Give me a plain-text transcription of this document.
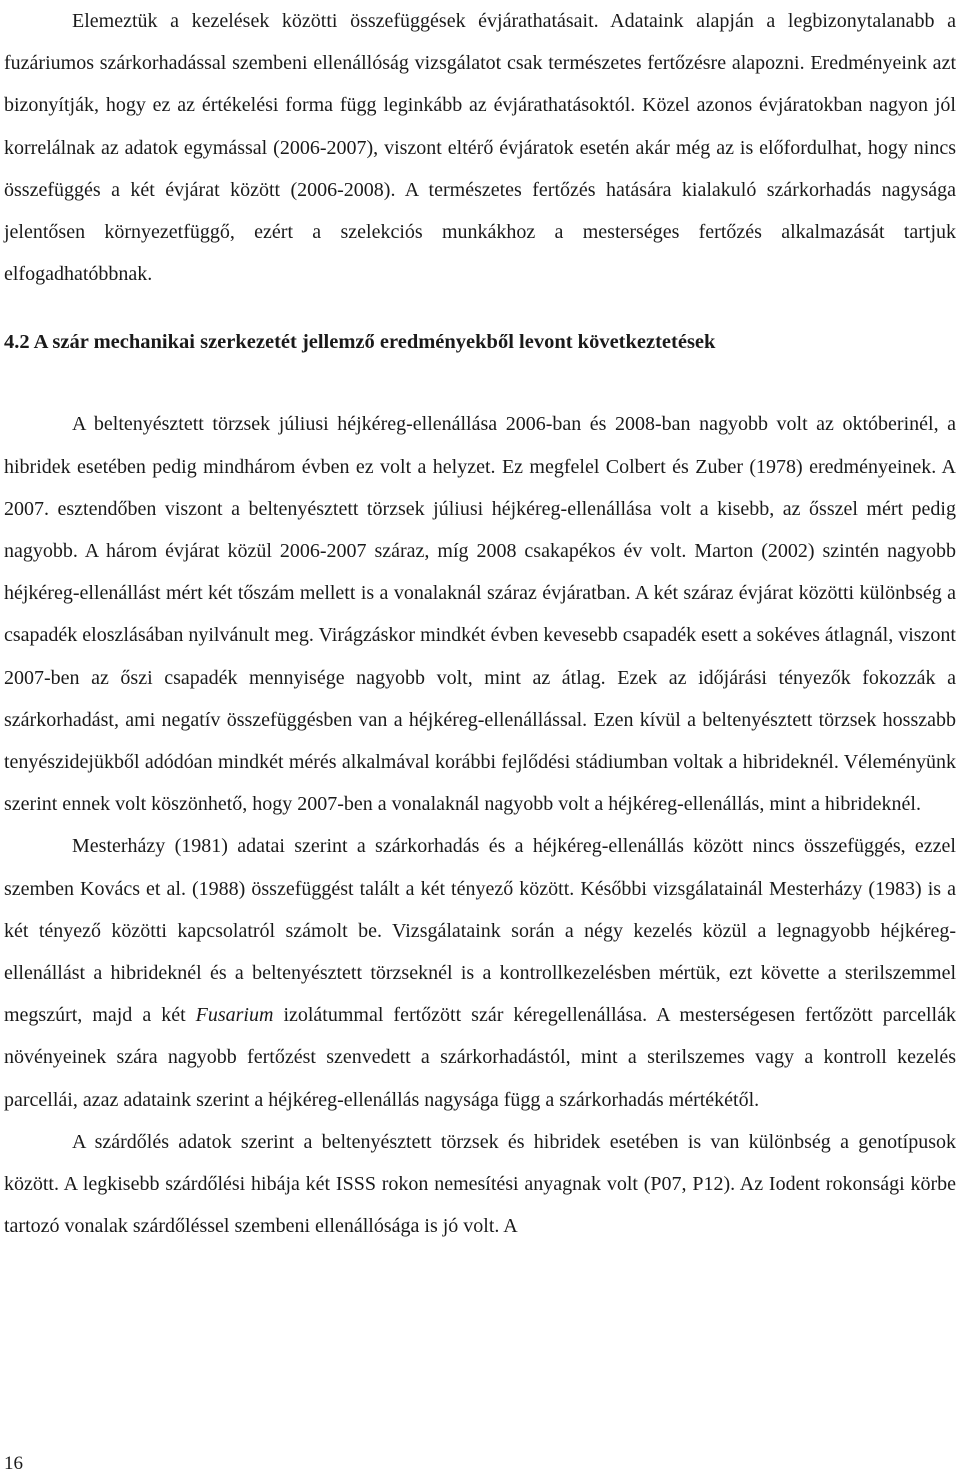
Elemeztük a kezelések közötti összefüggések évjárathatásait. Adataink alapján a legbizonytalanabb a fuzáriumos szárkorhadással szembeni ellenállóság vizsgálatot csak természetes fertőzésre alapozni. Eredményeink azt bizonyítják, hogy ez az értékelési forma függ leginkább az évjárathatásoktól. Közel azonos évjáratokban nagyon jól korrelálnak az adatok egymással (2006-2007), viszont eltérő évjáratok esetén akár még az is előfordulhat, hogy nincs összefüggés a két évjárat között (2006-2008). A természetes fertőzés hatására kialakuló szárkorhadás nagysága jelentősen környezetfüggő, ezért a szelekciós munkákhoz a mesterséges fertőzés alkalmazását tartjuk elfogadhatóbbnak.

4.2 A szár mechanikai szerkezetét jellemző eredményekből levont következtetések

A beltenyésztett törzsek júliusi héjkéreg-ellenállása 2006-ban és 2008-ban nagyobb volt az októberinél, a hibridek esetében pedig mindhárom évben ez volt a helyzet. Ez megfelel Colbert és Zuber (1978) eredményeinek. A 2007. esztendőben viszont a beltenyésztett törzsek júliusi héjkéreg-ellenállása volt a kisebb, az ősszel mért pedig nagyobb. A három évjárat közül 2006-2007 száraz, míg 2008 csakapékos év volt. Marton (2002) szintén nagyobb héjkéreg-ellenállást mért két tőszám mellett is a vonalaknál száraz évjáratban. A két száraz évjárat közötti különbség a csapadék eloszlásában nyilvánult meg. Virágzáskor mindkét évben kevesebb csapadék esett a sokéves átlagnál, viszont 2007-ben az őszi csapadék mennyisége nagyobb volt, mint az átlag. Ezek az időjárási tényezők fokozzák a szárkorhadást, ami negatív összefüggésben van a héjkéreg-ellenállással. Ezen kívül a beltenyésztett törzsek hosszabb tenyészidejükből adódóan mindkét mérés alkalmával korábbi fejlődési stádiumban voltak a hibrideknél. Véleményünk szerint ennek volt köszönhető, hogy 2007-ben a vonalaknál nagyobb volt a héjkéreg-ellenállás, mint a hibrideknél.

Mesterházy (1981) adatai szerint a szárkorhadás és a héjkéreg-ellenállás között nincs összefüggés, ezzel szemben Kovács et al. (1988) összefüggést talált a két tényező között. Későbbi vizsgálatainál Mesterházy (1983) is a két tényező közötti kapcsolatról számolt be. Vizsgálataink során a négy kezelés közül a legnagyobb héjkéreg-ellenállást a hibrideknél és a beltenyésztett törzseknél is a kontrollkezelésben mértük, ezt követte a sterilszemmel megszúrt, majd a két Fusarium izolátummal fertőzött szár kéregellenállása. A mesterségesen fertőzött parcellák növényeinek szára nagyobb fertőzést szenvedett a szárkorhadástól, mint a sterilszemes vagy a kontroll kezelés parcellái, azaz adataink szerint a héjkéreg-ellenállás nagysága függ a szárkorhadás mértékétől.

A szárdőlés adatok szerint a beltenyésztett törzsek és hibridek esetében is van különbség a genotípusok között. A legkisebb szárdőlési hibája két ISSS rokon nemesítési anyagnak volt (P07, P12). Az Iodent rokonsági körbe tartozó vonalak szárdőléssel szembeni ellenállósága is jó volt. A

16
